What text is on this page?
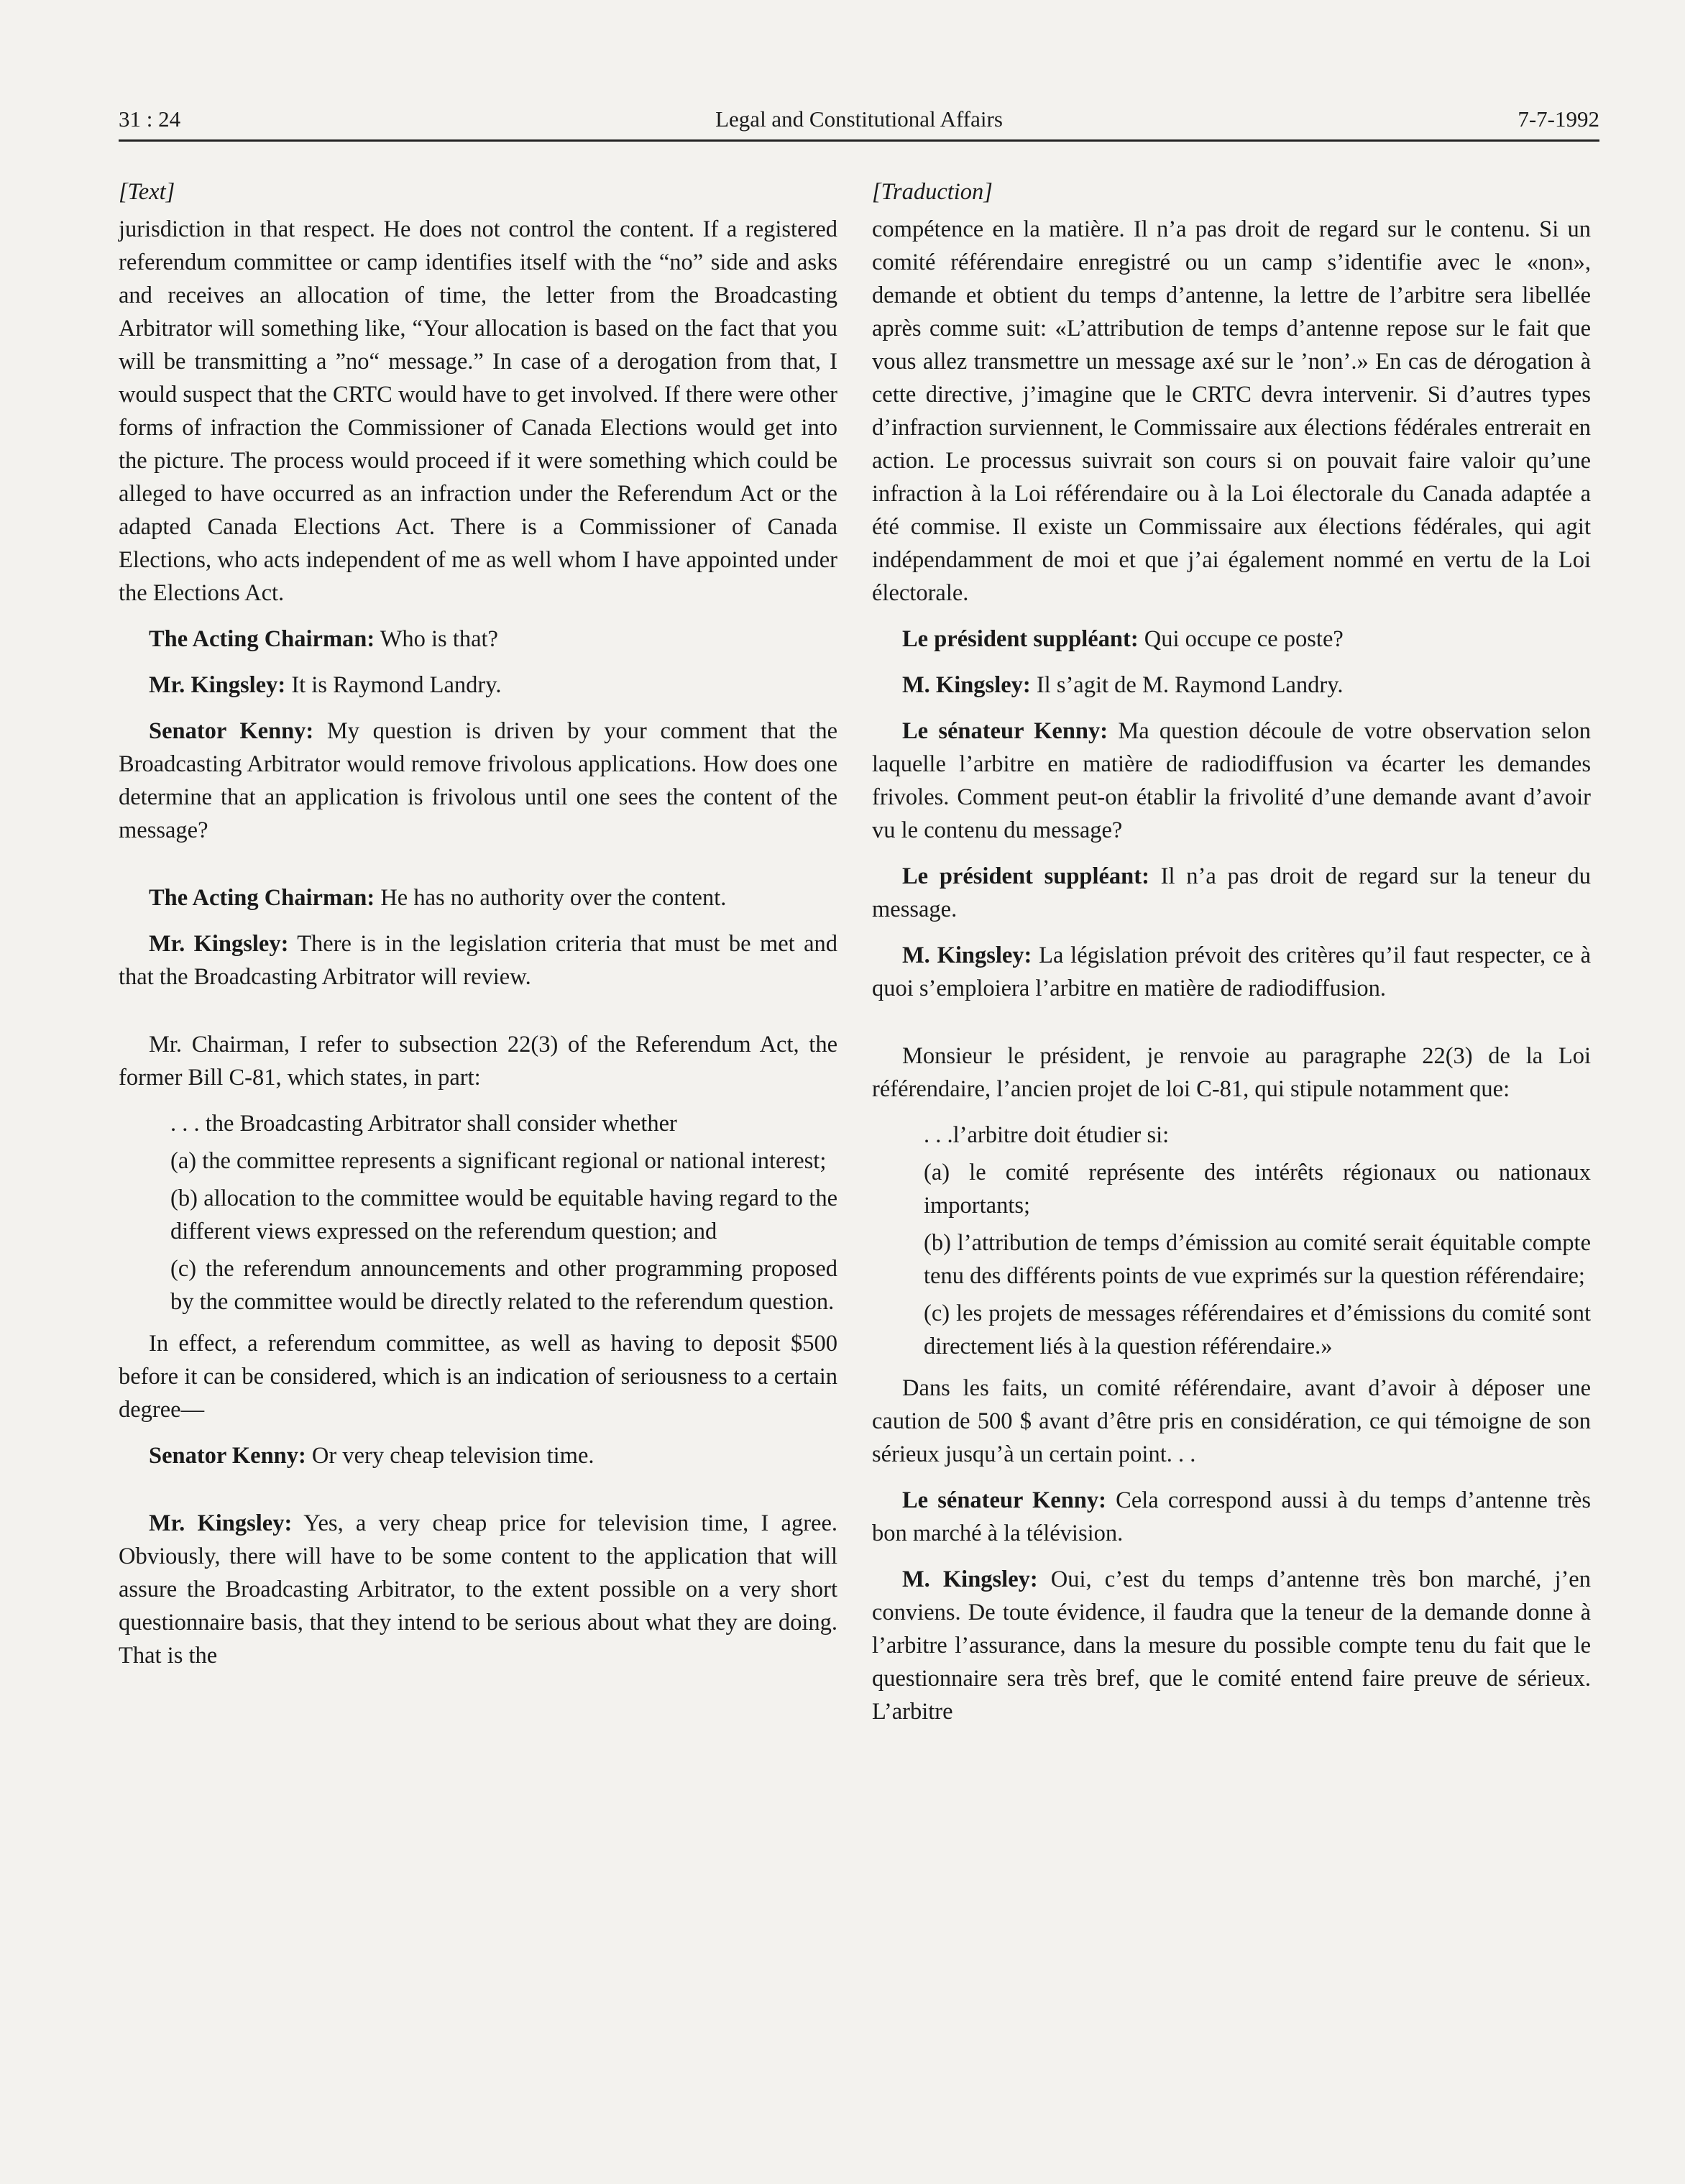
31 : 24	Legal and Constitutional Affairs	7-7-1992
[Text]

jurisdiction in that respect. He does not control the content. If a registered referendum committee or camp identifies itself with the “no” side and asks and receives an allocation of time, the letter from the Broadcasting Arbitrator will something like, “Your allocation is based on the fact that you will be transmitting a ”no“ message.” In case of a derogation from that, I would suspect that the CRTC would have to get involved. If there were other forms of infraction the Commissioner of Canada Elections would get into the picture. The process would proceed if it were something which could be alleged to have occurred as an infraction under the Referendum Act or the adapted Canada Elections Act. There is a Commissioner of Canada Elections, who acts independent of me as well whom I have appointed under the Elections Act.

The Acting Chairman: Who is that?

Mr. Kingsley: It is Raymond Landry.

Senator Kenny: My question is driven by your comment that the Broadcasting Arbitrator would remove frivolous applications. How does one determine that an application is frivolous until one sees the content of the message?

The Acting Chairman: He has no authority over the content.

Mr. Kingsley: There is in the legislation criteria that must be met and that the Broadcasting Arbitrator will review.

Mr. Chairman, I refer to subsection 22(3) of the Referendum Act, the former Bill C-81, which states, in part:

. . . the Broadcasting Arbitrator shall consider whether
(a) the committee represents a significant regional or national interest;
(b) allocation to the committee would be equitable having regard to the different views expressed on the referendum question; and
(c) the referendum announcements and other programming proposed by the committee would be directly related to the referendum question.

In effect, a referendum committee, as well as having to deposit $500 before it can be considered, which is an indication of seriousness to a certain degree—

Senator Kenny: Or very cheap television time.

Mr. Kingsley: Yes, a very cheap price for television time, I agree. Obviously, there will have to be some content to the application that will assure the Broadcasting Arbitrator, to the extent possible on a very short questionnaire basis, that they intend to be serious about what they are doing. That is the

[Traduction]

compétence en la matière. Il n’a pas droit de regard sur le contenu. Si un comité référendaire enregistré ou un camp s’identifie avec le «non», demande et obtient du temps d’antenne, la lettre de l’arbitre sera libellée après comme suit: «L’attribution de temps d’antenne repose sur le fait que vous allez transmettre un message axé sur le ’non’.» En cas de dérogation à cette directive, j’imagine que le CRTC devra intervenir. Si d’autres types d’infraction surviennent, le Commissaire aux élections fédérales entrerait en action. Le processus suivrait son cours si on pouvait faire valoir qu’une infraction à la Loi référendaire ou à la Loi électorale du Canada adaptée a été commise. Il existe un Commissaire aux élections fédérales, qui agit indépendamment de moi et que j’ai également nommé en vertu de la Loi électorale.

Le président suppléant: Qui occupe ce poste?

M. Kingsley: Il s’agit de M. Raymond Landry.

Le sénateur Kenny: Ma question découle de votre observation selon laquelle l’arbitre en matière de radiodiffusion va écarter les demandes frivoles. Comment peut-on établir la frivolité d’une demande avant d’avoir vu le contenu du message?

Le président suppléant: Il n’a pas droit de regard sur la teneur du message.

M. Kingsley: La législation prévoit des critères qu’il faut respecter, ce à quoi s’emploiera l’arbitre en matière de radiodiffusion.

Monsieur le président, je renvoie au paragraphe 22(3) de la Loi référendaire, l’ancien projet de loi C-81, qui stipule notamment que:

. . .l’arbitre doit étudier si:
(a) le comité représente des intérêts régionaux ou nationaux importants;
(b) l’attribution de temps d’émission au comité serait équitable compte tenu des différents points de vue exprimés sur la question référendaire;
(c) les projets de messages référendaires et d’émissions du comité sont directement liés à la question référendaire.»

Dans les faits, un comité référendaire, avant d’avoir à déposer une caution de 500 $ avant d’être pris en considération, ce qui témoigne de son sérieux jusqu’à un certain point. . .

Le sénateur Kenny: Cela correspond aussi à du temps d’antenne très bon marché à la télévision.

M. Kingsley: Oui, c’est du temps d’antenne très bon marché, j’en conviens. De toute évidence, il faudra que la teneur de la demande donne à l’arbitre l’assurance, dans la mesure du possible compte tenu du fait que le questionnaire sera très bref, que le comité entend faire preuve de sérieux. L’arbitre
